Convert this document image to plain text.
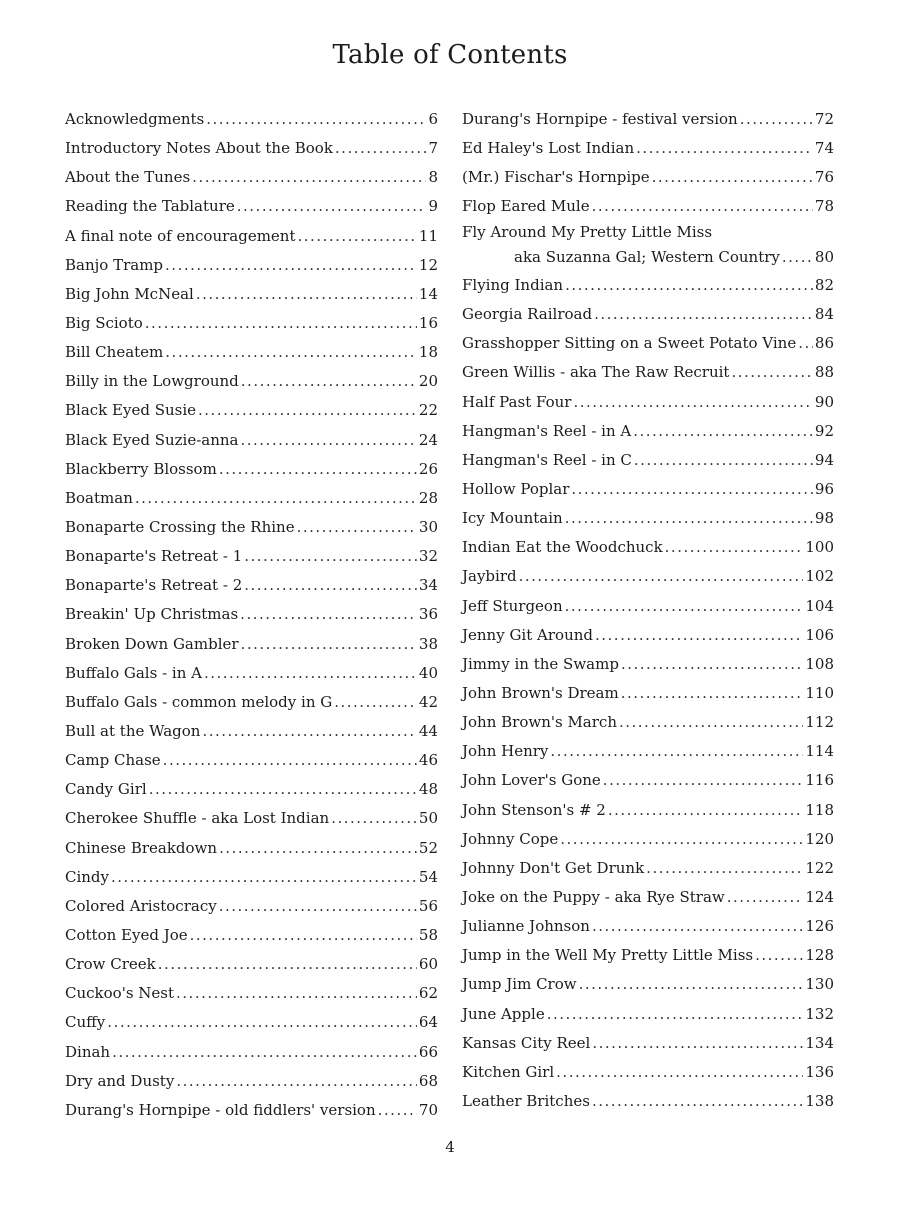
Table of Contents
Acknowledgments .....	6
Introductory Notes About the Book .....	7
About the Tunes .....	8
Reading the Tablature .....	9
A final note of encouragement .....	11
Banjo Tramp .....	12
Big John McNeal .....	14
Big Scioto .....	16
Bill Cheatem .....	18
Billy in the Lowground .....	20
Black Eyed Susie .....	22
Black Eyed Suzie-anna .....	24
Blackberry Blossom .....	26
Boatman .....	28
Bonaparte Crossing the Rhine .....	30
Bonaparte's Retreat - 1 .....	32
Bonaparte's Retreat - 2 .....	34
Breakin' Up Christmas .....	36
Broken Down Gambler .....	38
Buffalo Gals - in A .....	40
Buffalo Gals - common melody in G .....	42
Bull at the Wagon .....	44
Camp Chase .....	46
Candy Girl .....	48
Cherokee Shuffle - aka Lost Indian .....	50
Chinese Breakdown .....	52
Cindy .....	54
Colored Aristocracy .....	56
Cotton Eyed Joe .....	58
Crow Creek .....	60
Cuckoo's Nest .....	62
Cuffy .....	64
Dinah .....	66
Dry and Dusty .....	68
Durang's Hornpipe - old fiddlers' version .....	70
Durang's Hornpipe - festival version .....	72
Ed Haley's Lost Indian .....	74
(Mr.) Fischar's Hornpipe .....	76
Flop Eared Mule .....	78
Fly Around My Pretty Little Miss
aka Suzanna Gal; Western Country ..... 80
Flying Indian .....	82
Georgia Railroad .....	84
Grasshopper Sitting on a Sweet Potato Vine ..... 86
Green Willis - aka The Raw Recruit .....	88
Half Past Four .....	90
Hangman's Reel - in A .....	92
Hangman's Reel - in C .....	94
Hollow Poplar .....	96
Icy Mountain .....	98
Indian Eat the Woodchuck .....	100
Jaybird .....	102
Jeff Sturgeon .....	104
Jenny Git Around .....	106
Jimmy in the Swamp .....	108
John Brown's Dream .....	110
John Brown's March .....	112
John Henry .....	114
John Lover's Gone .....	116
John Stenson's # 2 .....	118
Johnny Cope .....	120
Johnny Don't Get Drunk .....	122
Joke on the Puppy - aka Rye Straw .....	124
Julianne Johnson .....	126
Jump in the Well My Pretty Little Miss .....	128
Jump Jim Crow .....	130
June Apple .....	132
Kansas City Reel .....	134
Kitchen Girl .....	136
Leather Britches .....	138
4
